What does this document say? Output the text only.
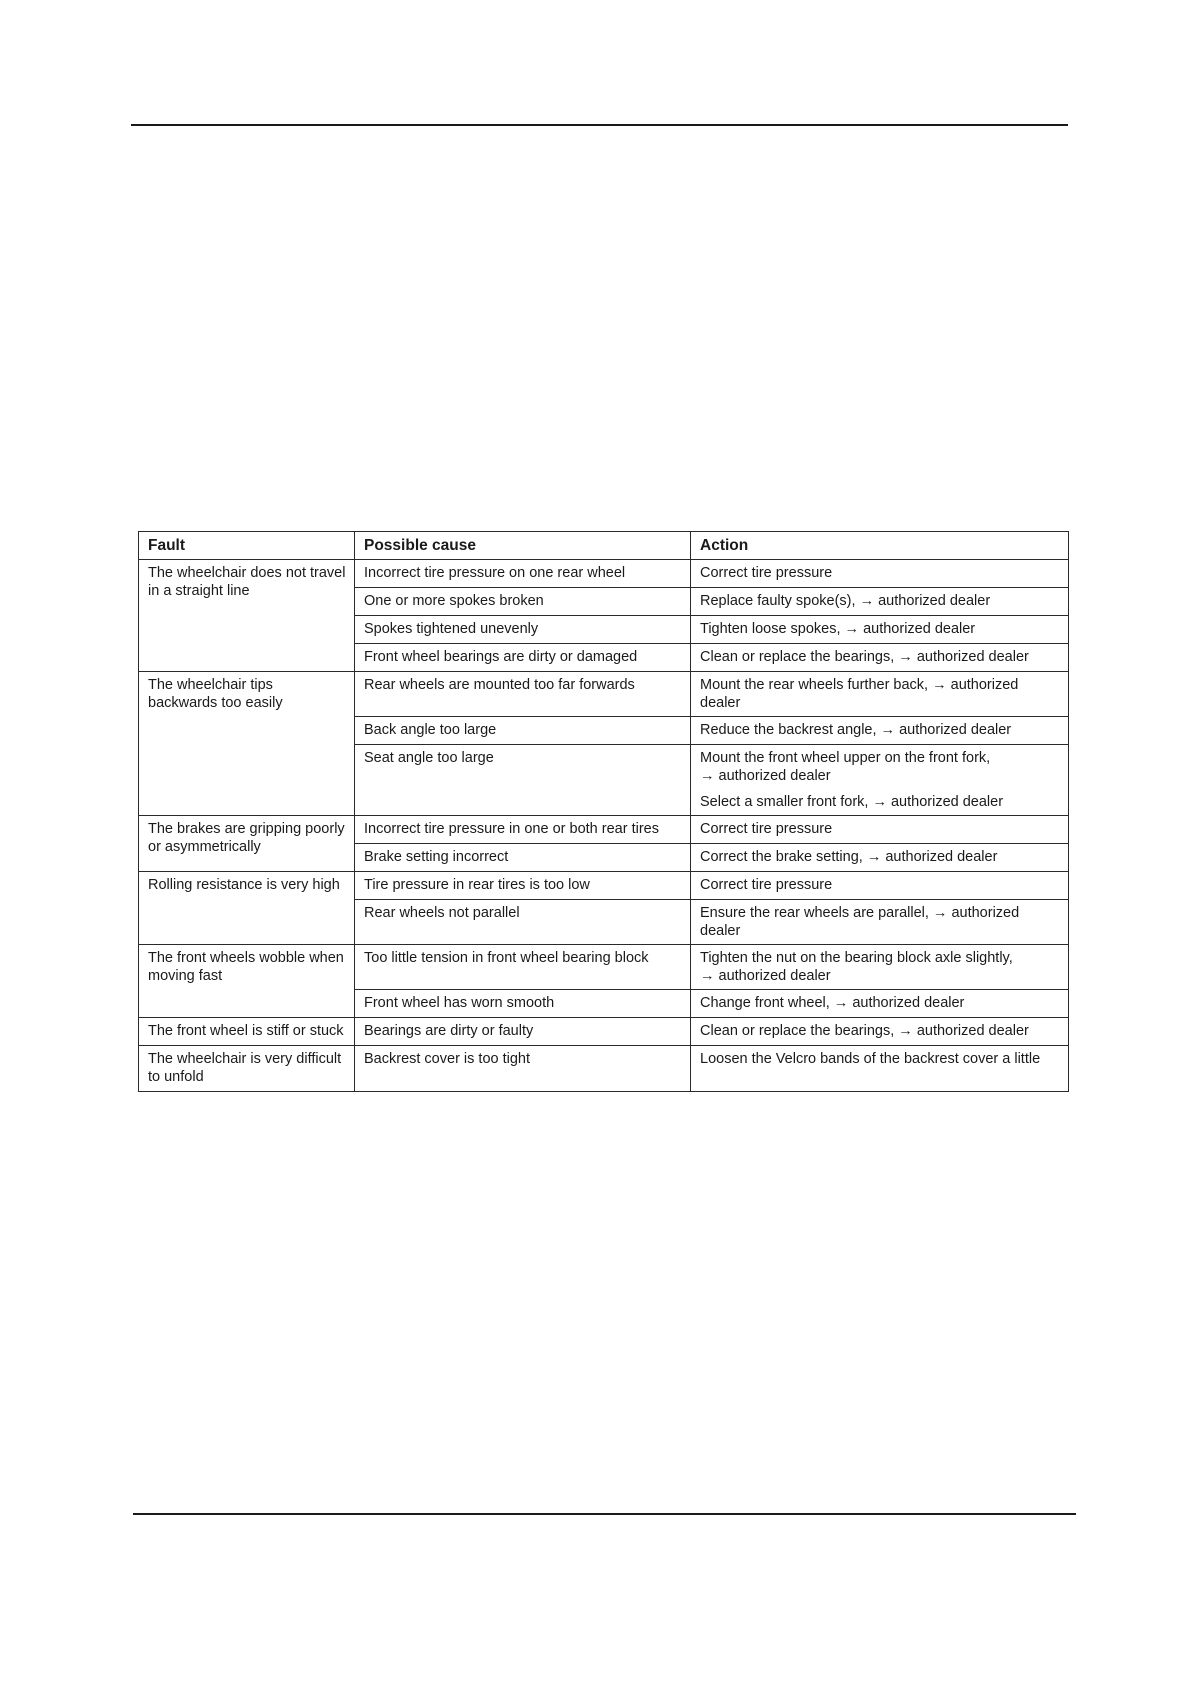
Fault	Possible cause	Action
The wheelchair does not travel in a straight line	Incorrect tire pressure on one rear wheel	Correct tire pressure
	One or more spokes broken	Replace faulty spoke(s), → authorized dealer
	Spokes tightened unevenly	Tighten loose spokes, → authorized dealer
	Front wheel bearings are dirty or damaged	Clean or replace the bearings, → authorized dealer
The wheelchair tips backwards too easily	Rear wheels are mounted too far forwards	Mount the rear wheels further back, → authorized dealer
	Back angle too large	Reduce the backrest angle, → authorized dealer
	Seat angle too large	Mount the front wheel upper on the front fork,
→ authorized dealer
Select a smaller front fork, → authorized dealer

The brakes are gripping poorly or asymmetrically	Incorrect tire pressure in one or both rear tires	Correct tire pressure
	Brake setting incorrect	Correct the brake setting, → authorized dealer
Rolling resistance is very high	Tire pressure in rear tires is too low	Correct tire pressure
	Rear wheels not parallel	Ensure the rear wheels are parallel, → authorized dealer
The front wheels wobble when moving fast	Too little tension in front wheel bearing block	Tighten the nut on the bearing block axle slightly,
→ authorized dealer

	Front wheel has worn smooth	Change front wheel, → authorized dealer
The front wheel is stiff or stuck	Bearings are dirty or faulty	Clean or replace the bearings, → authorized dealer
The wheelchair is very difficult to unfold	Backrest cover is too tight	Loosen the Velcro bands of the backrest cover a little
